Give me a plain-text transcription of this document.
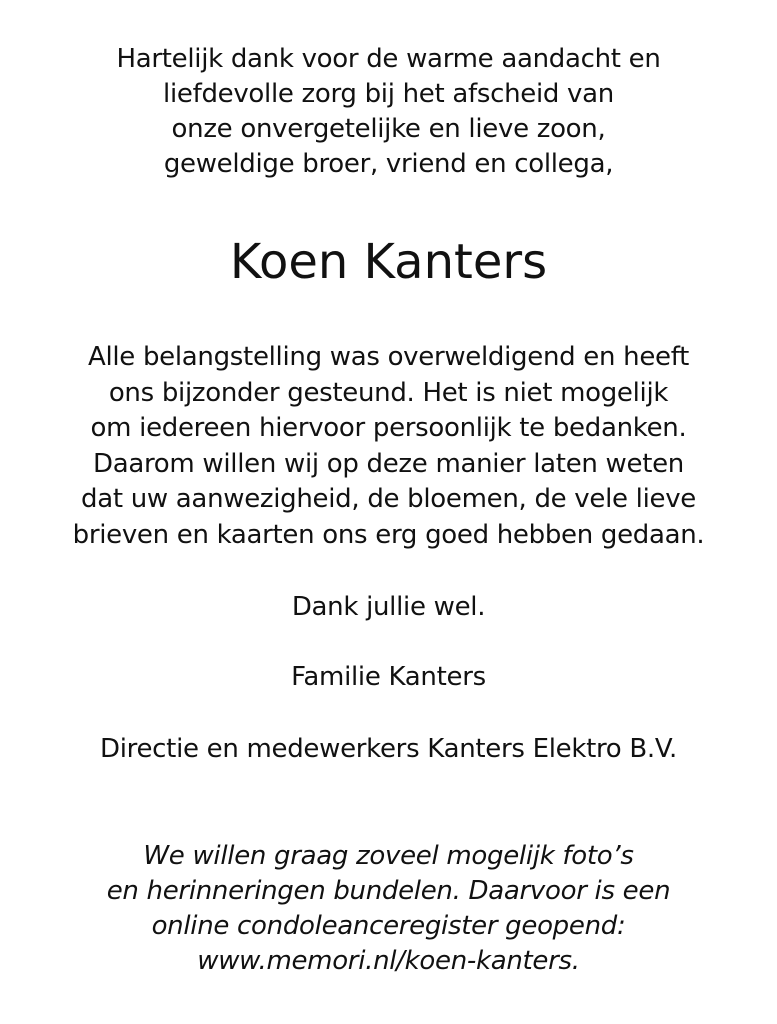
Hartelijk dank voor de warme aandacht en
liefdevolle zorg bij het afscheid van
onze onvergetelijke en lieve zoon,
geweldige broer, vriend en collega,
Koen Kanters
Alle belangstelling was overweldigend en heeft
ons bijzonder gesteund. Het is niet mogelijk
om iedereen hiervoor persoonlijk te bedanken.
Daarom willen wij op deze manier laten weten
dat uw aanwezigheid, de bloemen, de vele lieve
brieven en kaarten ons erg goed hebben gedaan.
Dank jullie wel.
Familie Kanters
Directie en medewerkers Kanters Elektro B.V.
We willen graag zoveel mogelijk foto’s
en herinneringen bundelen. Daarvoor is een
online condoleanceregister geopend:
www.memori.nl/koen-kanters.
